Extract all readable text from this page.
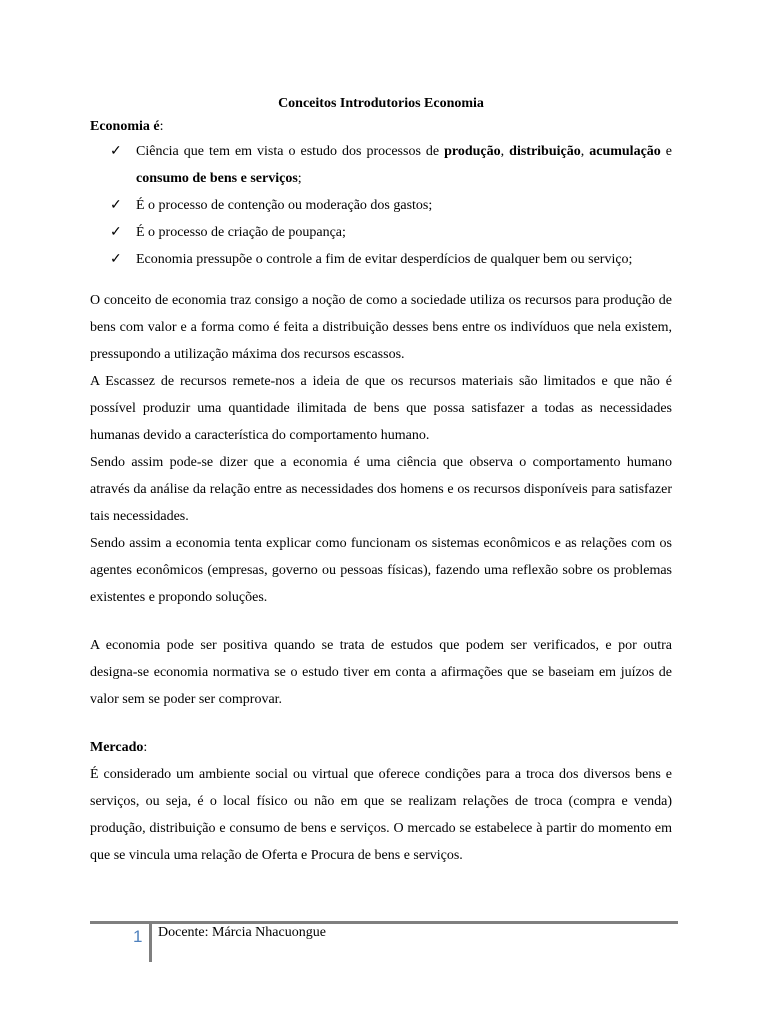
Conceitos Introdutorios Economia

Economia é:

✓ Ciência que tem em vista o estudo dos processos de produção, distribuição, acumulação e consumo de bens e serviços;
✓ É o processo de contenção ou moderação dos gastos;
✓ É o processo de criação de poupança;
✓ Economia pressupõe o controle a fim de evitar desperdícios de qualquer bem ou serviço;

O conceito de economia traz consigo a noção de como a sociedade utiliza os recursos para produção de bens com valor e a forma como é feita a distribuição desses bens entre os indivíduos que nela existem, pressupondo a utilização máxima dos recursos escassos.

A Escassez de recursos remete-nos a ideia de que os recursos materiais são limitados e que não é possível produzir uma quantidade ilimitada de bens que possa satisfazer a todas as necessidades humanas devido a característica do comportamento humano.

Sendo assim pode-se dizer que a economia é uma ciência que observa o comportamento humano através da análise da relação entre as necessidades dos homens e os recursos disponíveis para satisfazer tais necessidades.

Sendo assim a economia tenta explicar como funcionam os sistemas econômicos e as relações com os agentes econômicos (empresas, governo ou pessoas físicas), fazendo uma reflexão sobre os problemas existentes e propondo soluções.

A economia pode ser positiva quando se trata de estudos que podem ser verificados, e por outra designa-se economia normativa se o estudo tiver em conta a afirmações que se baseiam em juízos de valor sem se poder ser comprovar.

Mercado:

É considerado um ambiente social ou virtual que oferece condições para a troca dos diversos bens e serviços, ou seja, é o local físico ou não em que se realizam relações de troca (compra e venda) produção, distribuição e consumo de bens e serviços. O mercado se estabelece à partir do momento em que se vincula uma relação de Oferta e Procura de bens e serviços.

1 Docente: Márcia Nhacuongue
